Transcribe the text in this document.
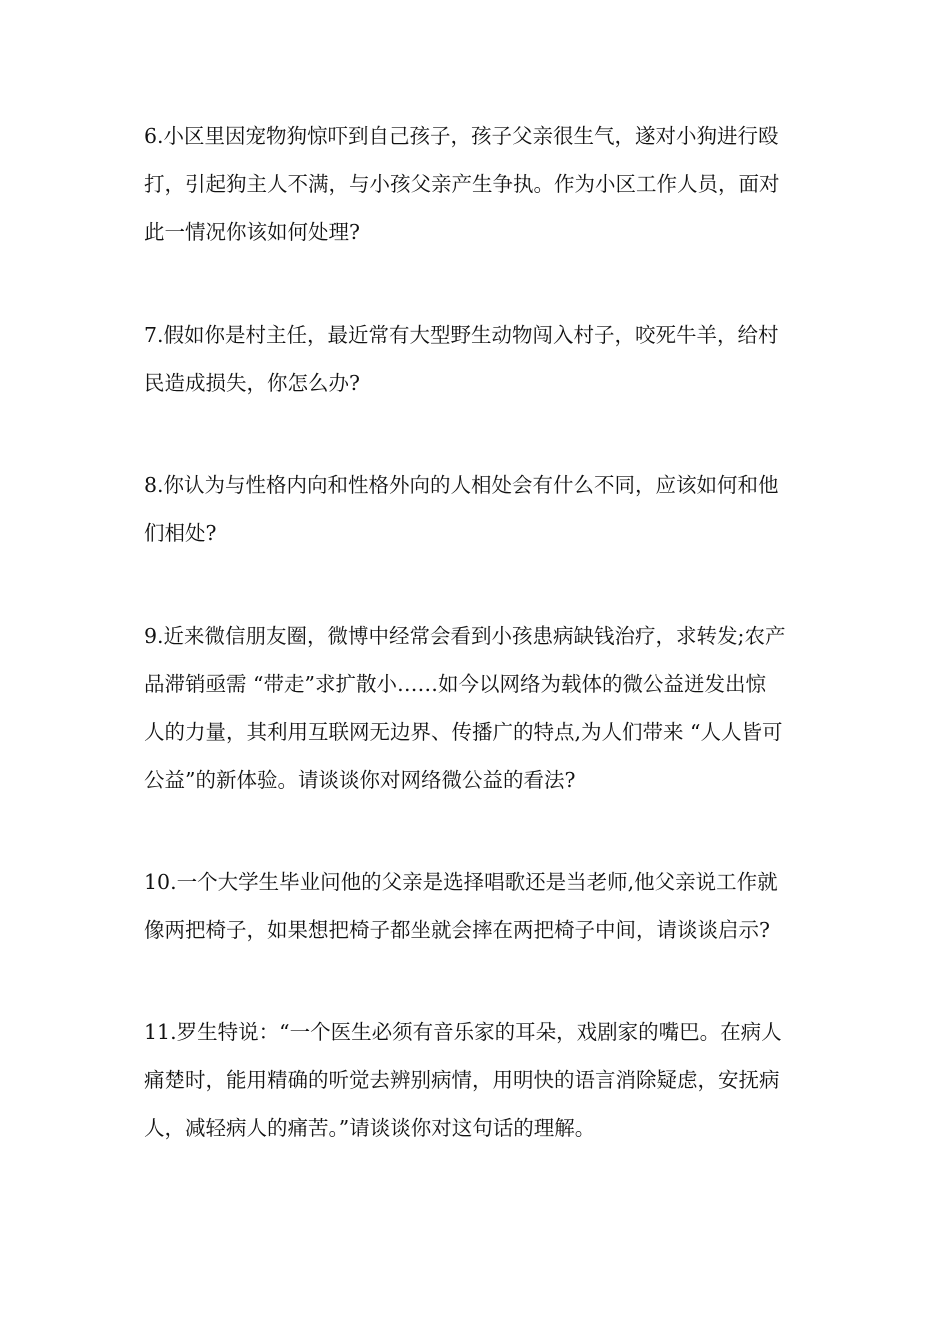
6.小区里因宠物狗惊吓到自己孩子，孩子父亲很生气，遂对小狗进行殴
打，引起狗主人不满，与小孩父亲产生争执。作为小区工作人员，面对
此一情况你该如何处理?
7.假如你是村主任，最近常有大型野生动物闯入村子，咬死牛羊，给村
民造成损失，你怎么办?
8.你认为与性格内向和性格外向的人相处会有什么不同，应该如何和他
们相处?
9.近来微信朋友圈，微博中经常会看到小孩患病缺钱治疗，求转发;农产
品滞销亟需 “带走”求扩散小……如今以网络为载体的微公益迸发出惊
人的力量，其利用互联网无边界、传播广的特点,为人们带来 “人人皆可
公益”的新体验。请谈谈你对网络微公益的看法?
10.一个大学生毕业问他的父亲是选择唱歌还是当老师,他父亲说工作就
像两把椅子，如果想把椅子都坐就会摔在两把椅子中间，请谈谈启示?
11.罗生特说：“一个医生必须有音乐家的耳朵，戏剧家的嘴巴。在病人
痛楚时，能用精确的听觉去辨别病情，用明快的语言消除疑虑，安抚病
人，减轻病人的痛苦。”请谈谈你对这句话的理解。
